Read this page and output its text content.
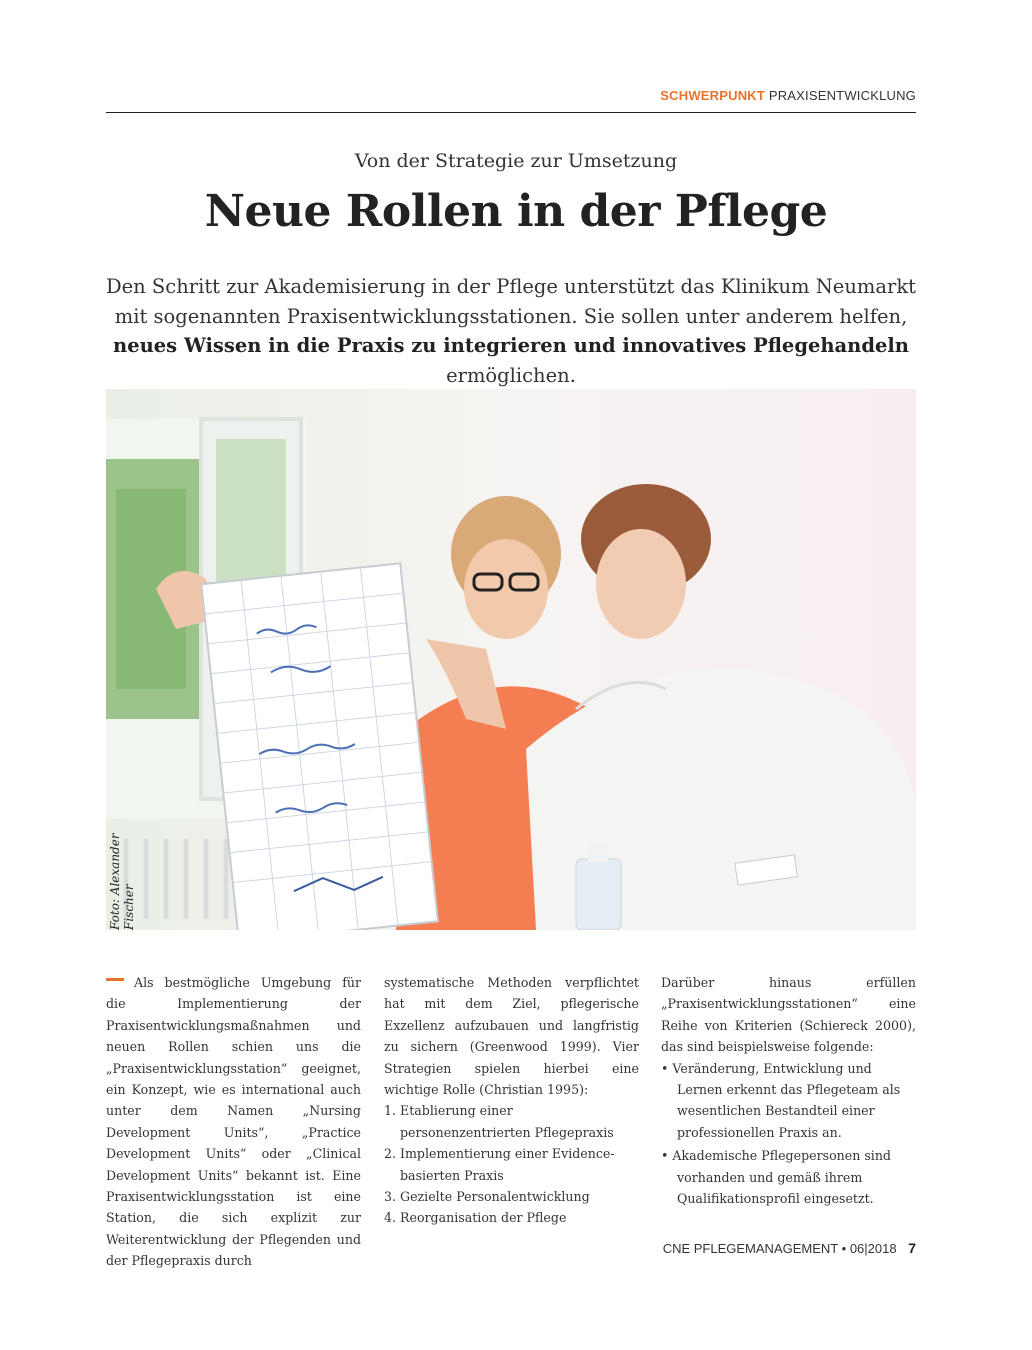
SCHWERPUNKT PRAXISENTWICKLUNG
Von der Strategie zur Umsetzung
Neue Rollen in der Pflege
Den Schritt zur Akademisierung in der Pflege unterstützt das Klinikum Neumarkt mit sogenannten Praxisentwicklungsstationen. Sie sollen unter anderem helfen, neues Wissen in die Praxis zu integrieren und innovatives Pflegehandeln ermöglichen.
Foto: Alexander Fischer
Als bestmögliche Umgebung für die Implementierung der Praxisentwicklungsmaßnahmen und neuen Rollen schien uns die „Praxisentwicklungsstation“ geeignet, ein Konzept, wie es international auch unter dem Namen „Nursing Development Units“, „Practice Development Units“ oder „Clinical Development Units“ bekannt ist. Eine Praxisentwicklungsstation ist eine Station, die sich explizit zur Weiterentwicklung der Pflegenden und der Pflegepraxis durch
systematische Methoden verpflichtet hat mit dem Ziel, pflegerische Exzellenz aufzubauen und langfristig zu sichern (Greenwood 1999). Vier Strategien spielen hierbei eine wichtige Rolle (Christian 1995):
1. Etablierung einer personenzentrierten Pflegepraxis
2. Implementierung einer Evidence-basierten Praxis
3. Gezielte Personalentwicklung
4. Reorganisation der Pflege
Darüber hinaus erfüllen „Praxisentwicklungsstationen“ eine Reihe von Kriterien (Schiereck 2000), das sind beispielsweise folgende:
• Veränderung, Entwicklung und Lernen erkennt das Pflegeteam als wesentlichen Bestandteil einer professionellen Praxis an.
• Akademische Pflegepersonen sind vorhanden und gemäß ihrem Qualifikationsprofil eingesetzt.
CNE PFLEGEMANAGEMENT • 06|2018 7
